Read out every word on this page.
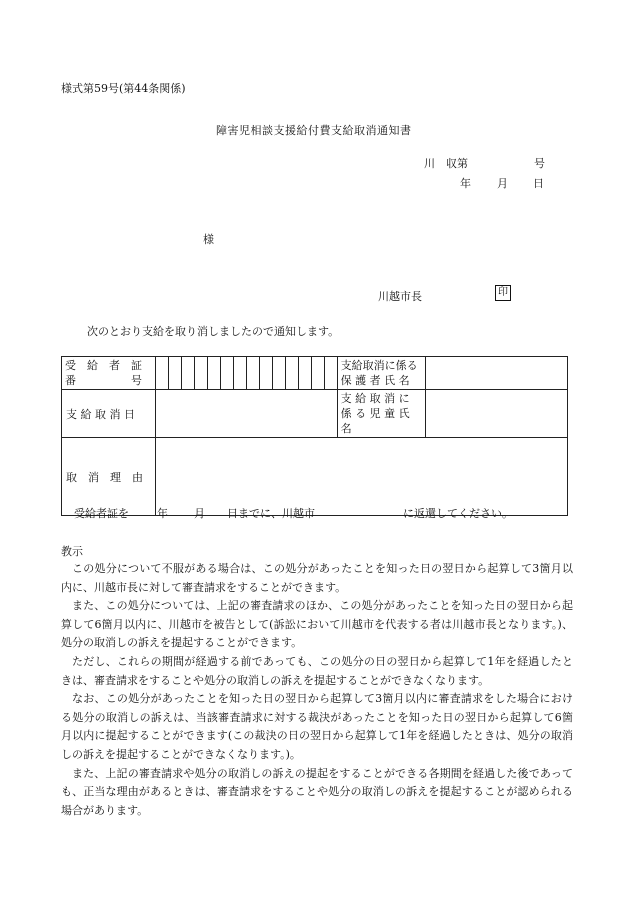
様式第59号(第44条関係)
障害児相談支援給付費支給取消通知書
川　収第	号
年 月 日
様
川越市長	印
次のとおり支給を取り消しましたので通知します。
受　給　者　証
番　　　　　号		支給取消に係る
保 護 者 氏 名	

支 給 取 消 日		支 給 取 消 に
係 る 児 童 氏 名	

取　消　理　由			

受給者証を	年 月 日までに、川越市	に返還してください。
教示

この処分について不服がある場合は、この処分があったことを知った日の翌日から起算して3箇月以内に、川越市長に対して審査請求をすることができます。

また、この処分については、上記の審査請求のほか、この処分があったことを知った日の翌日から起算して6箇月以内に、川越市を被告として(訴訟において川越市を代表する者は川越市長となります。)、処分の取消しの訴えを提起することができます。

ただし、これらの期間が経過する前であっても、この処分の日の翌日から起算して1年を経過したときは、審査請求をすることや処分の取消しの訴えを提起することができなくなります。

なお、この処分があったことを知った日の翌日から起算して3箇月以内に審査請求をした場合における処分の取消しの訴えは、当該審査請求に対する裁決があったことを知った日の翌日から起算して6箇月以内に提起することができます(この裁決の日の翌日から起算して1年を経過したときは、処分の取消しの訴えを提起することができなくなります。)。

また、上記の審査請求や処分の取消しの訴えの提起をすることができる各期間を経過した後であっても、正当な理由があるときは、審査請求をすることや処分の取消しの訴えを提起することが認められる場合があります。
